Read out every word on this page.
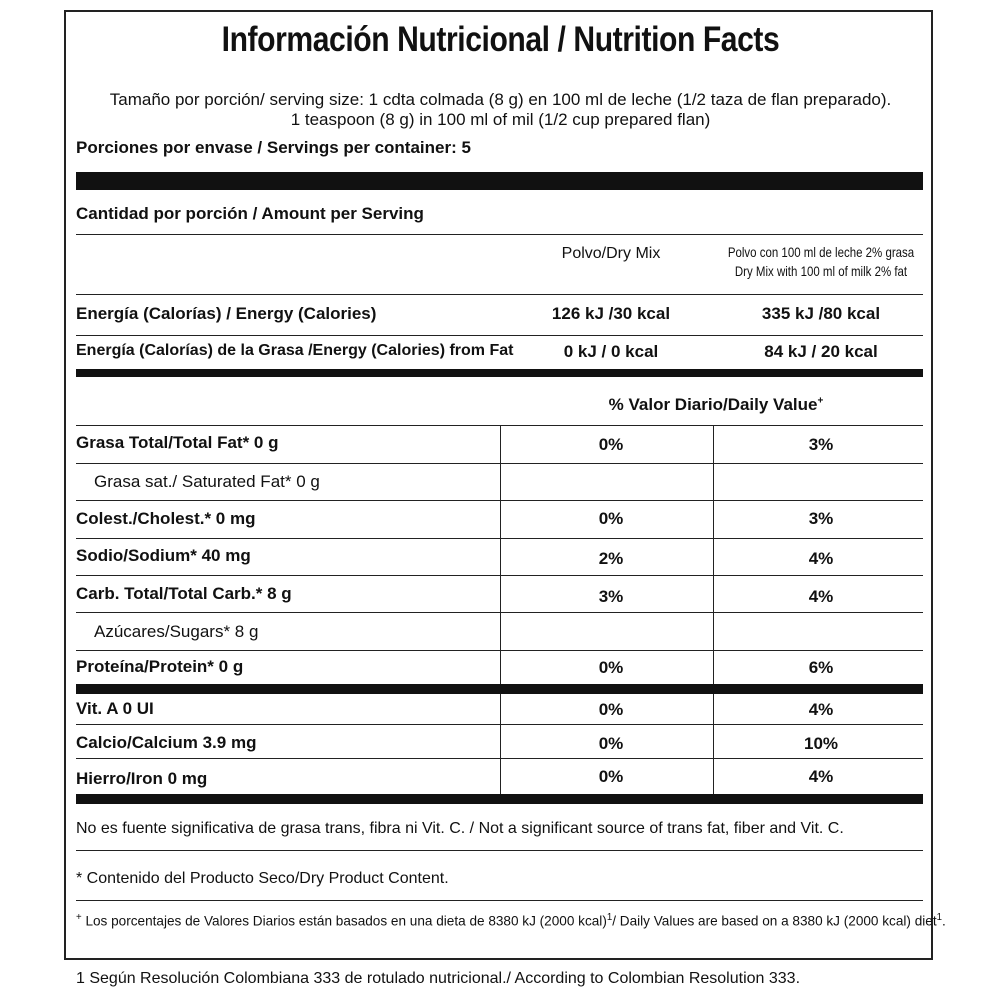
Información Nutricional / Nutrition Facts
Tamaño por porción/ serving size: 1 cdta colmada (8 g) en 100 ml de leche (1/2 taza de flan preparado).
1 teaspoon (8 g) in 100 ml of mil (1/2 cup prepared flan)
Porciones por envase / Servings per container: 5
Cantidad por porción / Amount per Serving
Polvo/Dry Mix	Polvo con 100 ml de leche 2% grasa
Dry Mix with 100 ml of milk 2% fat
Energía (Calorías) / Energy (Calories)	126 kJ /30 kcal	335 kJ /80 kcal
Energía (Calorías) de la Grasa /Energy (Calories) from Fat	0 kJ / 0 kcal	84 kJ / 20 kcal
% Valor Diario/Daily Value+
Grasa Total/Total Fat* 0 g	0%	3%
Grasa sat./ Saturated Fat* 0 g
Colest./Cholest.* 0 mg	0%	3%
Sodio/Sodium* 40 mg	2%	4%
Carb. Total/Total Carb.* 8 g	3%	4%
Azúcares/Sugars* 8 g
Proteína/Protein* 0 g	0%	6%
Vit. A 0 UI	0%	4%
Calcio/Calcium 3.9 mg	0%	10%
Hierro/Iron 0 mg	0%	4%
No es fuente significativa de grasa trans, fibra ni Vit. C. / Not a significant source of trans fat, fiber and Vit. C.
* Contenido del Producto Seco/Dry Product Content.
+ Los porcentajes de Valores Diarios están basados en una dieta de 8380 kJ (2000 kcal)$^1$/ Daily Values are based on a 8380 kJ (2000 kcal) diet$^1$.
1 Según Resolución Colombiana 333 de rotulado nutricional./ According to Colombian Resolution 333.
